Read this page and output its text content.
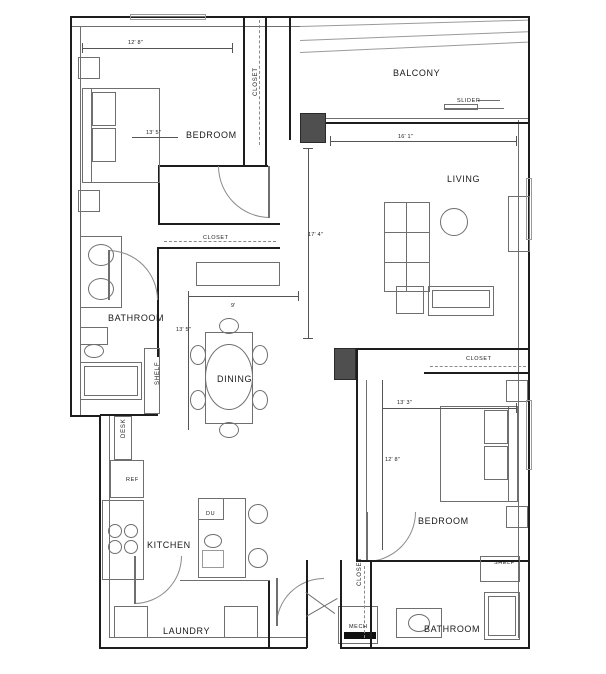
BALCONY
BEDROOM
LIVING
BATHROOM
DINING
KITCHEN
LAUNDRY
BEDROOM
BATHROOM
CLOSET
CLOSET
MECH
SHELF
SLIDER
DU
REF
12' 8"
13' 5"
16' 1"
17' 4"
9'
13' 5"
13' 3"
12' 8"
CLOSET
SHELF
DESK
CLOSET
